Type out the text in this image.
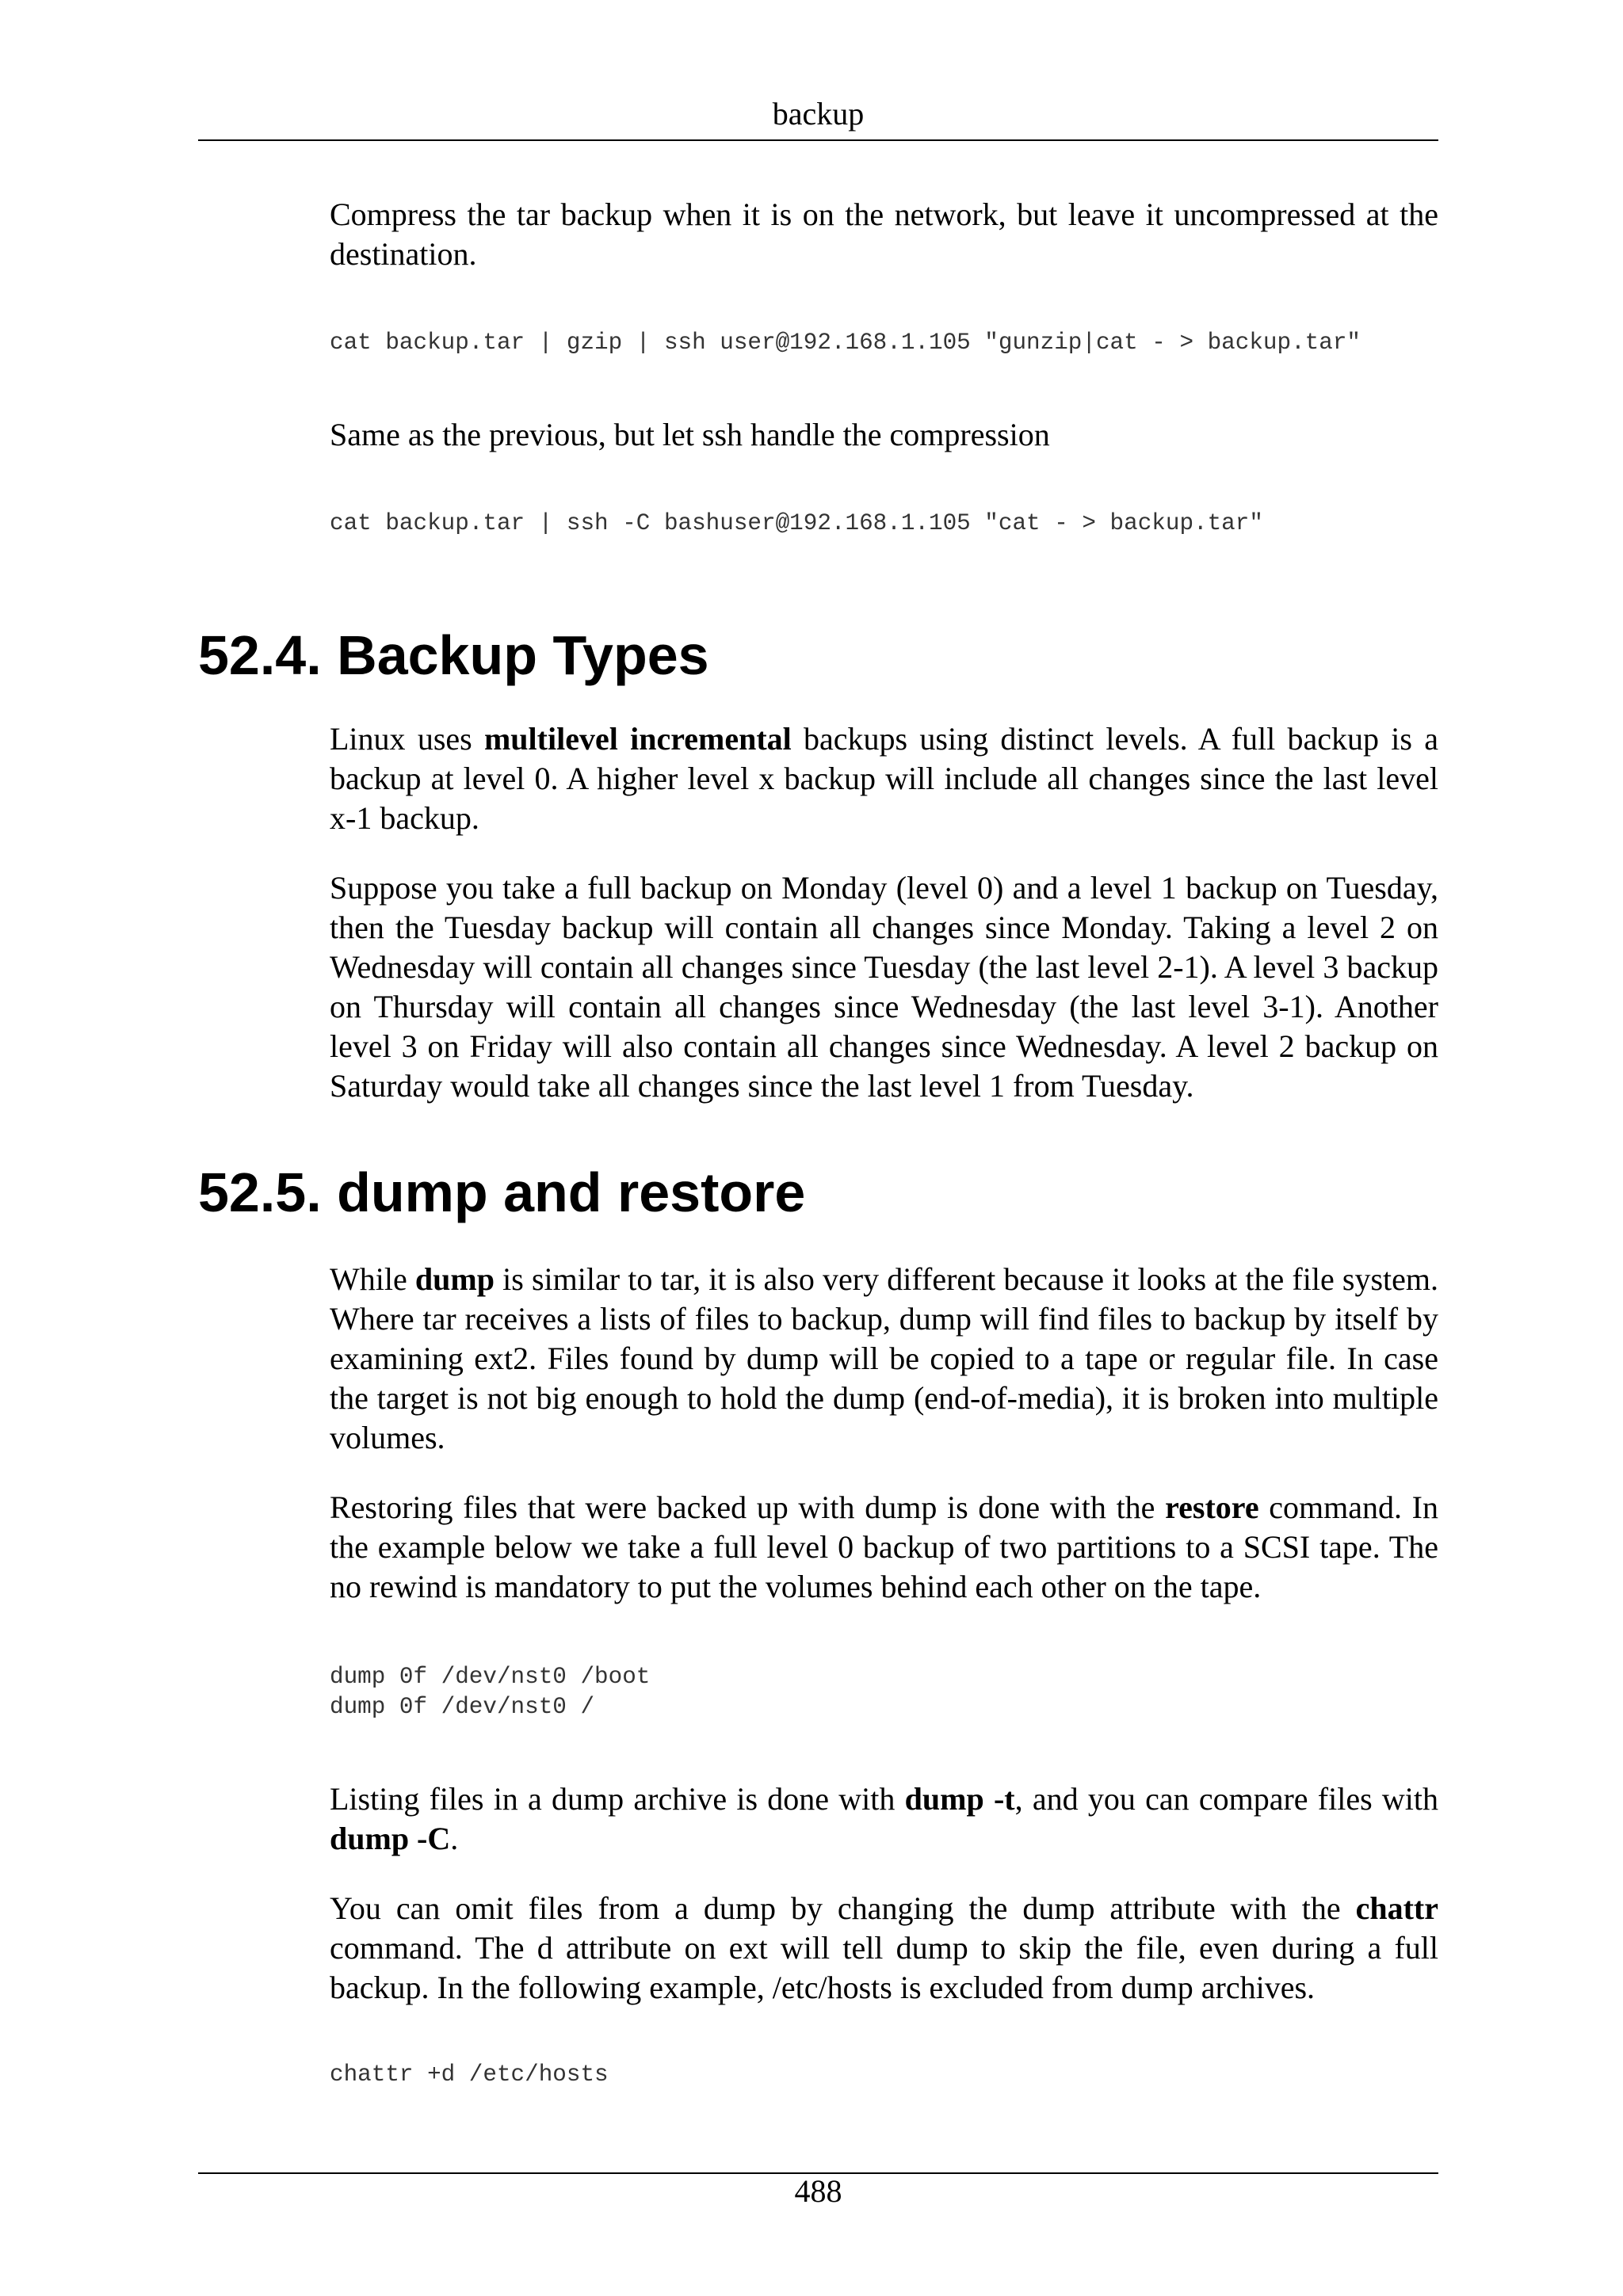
backup

Compress the tar backup when it is on the network, but leave it uncompressed at the destination.

cat backup.tar | gzip | ssh user@192.168.1.105 "gunzip|cat - > backup.tar"

Same as the previous, but let ssh handle the compression

cat backup.tar | ssh -C bashuser@192.168.1.105 "cat - > backup.tar"
52.4. Backup Types

Linux uses multilevel incremental backups using distinct levels. A full backup is a backup at level 0. A higher level x backup will include all changes since the last level x-1 backup.

Suppose you take a full backup on Monday (level 0) and a level 1 backup on Tuesday, then the Tuesday backup will contain all changes since Monday. Taking a level 2 on Wednesday will contain all changes since Tuesday (the last level 2-1). A level 3 backup on Thursday will contain all changes since Wednesday (the last level 3-1). Another level 3 on Friday will also contain all changes since Wednesday. A level 2 backup on Saturday would take all changes since the last level 1 from Tuesday.

52.5. dump and restore

While dump is similar to tar, it is also very different because it looks at the file system. Where tar receives a lists of files to backup, dump will find files to backup by itself by examining ext2. Files found by dump will be copied to a tape or regular file. In case the target is not big enough to hold the dump (end-of-media), it is broken into multiple volumes.

Restoring files that were backed up with dump is done with the restore command. In the example below we take a full level 0 backup of two partitions to a SCSI tape. The no rewind is mandatory to put the volumes behind each other on the tape.

dump 0f /dev/nst0 /boot
dump 0f /dev/nst0 /

Listing files in a dump archive is done with dump -t, and you can compare files with dump -C.

You can omit files from a dump by changing the dump attribute with the chattr command. The d attribute on ext will tell dump to skip the file, even during a full backup. In the following example, /etc/hosts is excluded from dump archives.

chattr +d /etc/hosts
488
